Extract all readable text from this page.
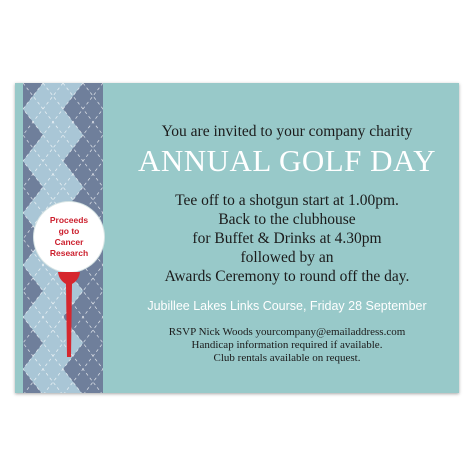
Proceeds
go to
Cancer
Research
You are invited to your company charity
ANNUAL GOLF DAY
Tee off to a shotgun start at 1.00pm.
Back to the clubhouse
for Buffet & Drinks at 4.30pm
followed by an
Awards Ceremony to round off the day.
Jubillee Lakes Links Course, Friday 28 September
RSVP Nick Woods yourcompany@emailaddress.com
Handicap information required if available.
Club rentals available on request.
